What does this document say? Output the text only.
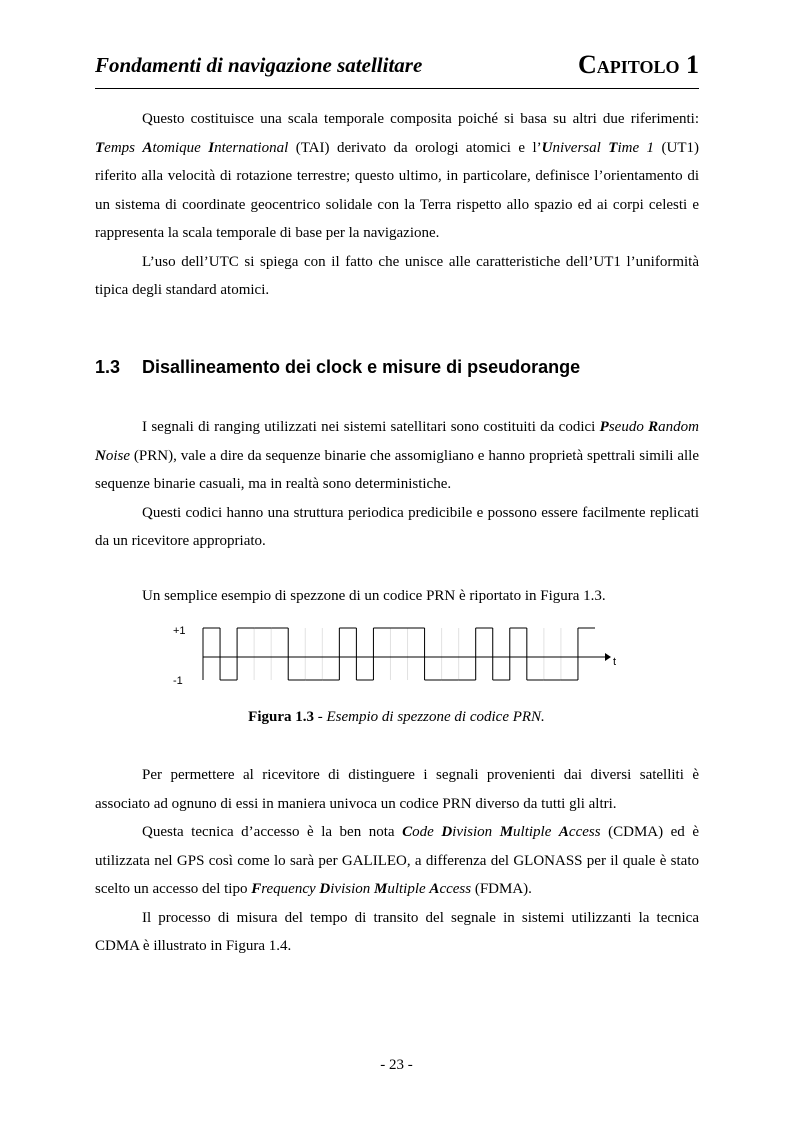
Fondamenti di navigazione satellitare	Capitolo 1

Questo costituisce una scala temporale composita poiché si basa su altri due riferimenti: Temps Atomique International (TAI) derivato da orologi atomici e l’Universal Time 1 (UT1) riferito alla velocità di rotazione terrestre; questo ultimo, in particolare, definisce l’orientamento di un sistema di coordinate geocentrico solidale con la Terra rispetto allo spazio ed ai corpi celesti e rappresenta la scala temporale di base per la navigazione.

L’uso dell’UTC si spiega con il fatto che unisce alle caratteristiche dell’UT1 l’uniformità tipica degli standard atomici.

1.3 Disallineamento dei clock e misure di pseudorange

I segnali di ranging utilizzati nei sistemi satellitari sono costituiti da codici Pseudo Random Noise (PRN), vale a dire da sequenze binarie che assomigliano e hanno proprietà spettrali simili alle sequenze binarie casuali, ma in realtà sono deterministiche.

Questi codici hanno una struttura periodica predicibile e possono essere facilmente replicati da un ricevitore appropriato.

Un semplice esempio di spezzone di un codice PRN è riportato in Figura 1.3.

+1
-1
t
Figura 1.3 - Esempio di spezzone di codice PRN.

Per permettere al ricevitore di distinguere i segnali provenienti dai diversi satelliti è associato ad ognuno di essi in maniera univoca un codice PRN diverso da tutti gli altri.

Questa tecnica d’accesso è la ben nota Code Division Multiple Access (CDMA) ed è utilizzata nel GPS così come lo sarà per GALILEO, a differenza del GLONASS per il quale è stato scelto un accesso del tipo Frequency Division Multiple Access (FDMA).

Il processo di misura del tempo di transito del segnale in sistemi utilizzanti la tecnica CDMA è illustrato in Figura 1.4.

- 23 -
